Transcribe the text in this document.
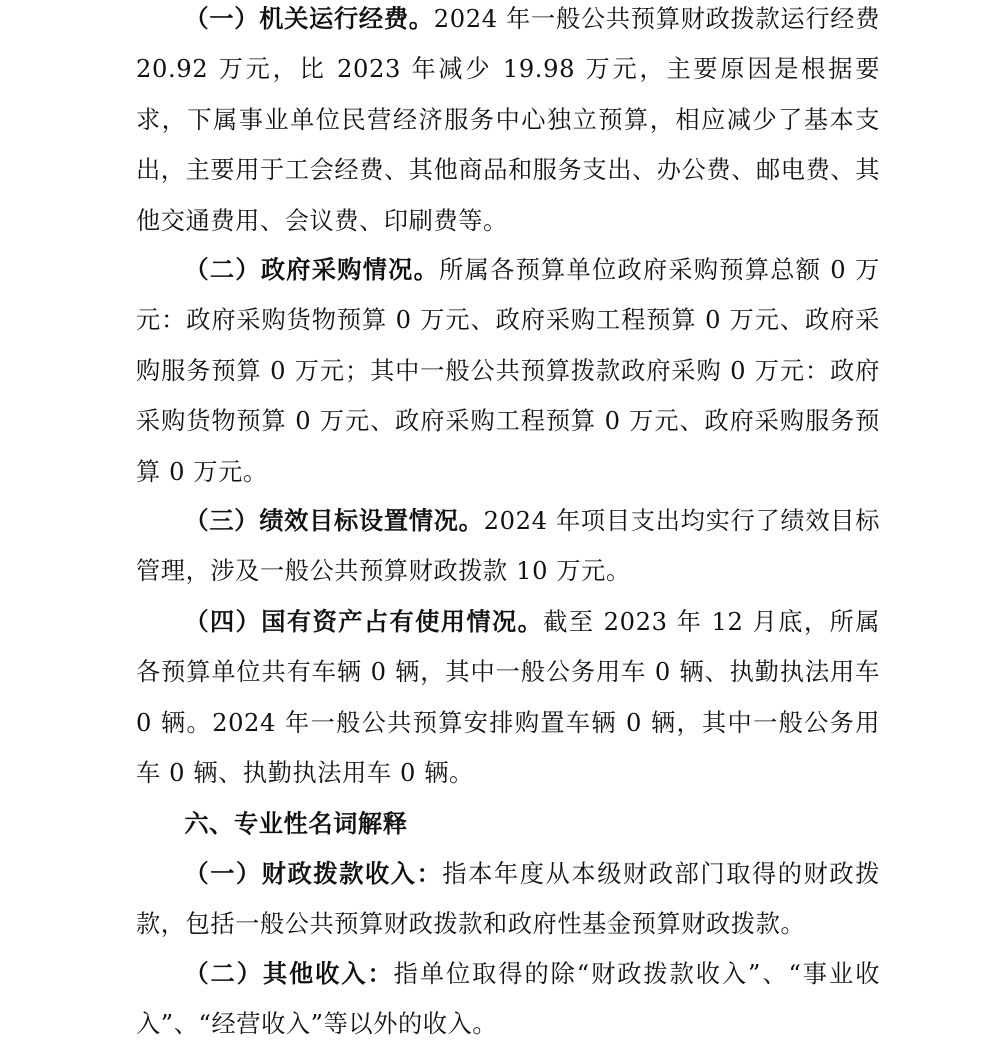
（一）机关运行经费。2024 年一般公共预算财政拨款运行经费 20.92 万元，比 2023 年减少 19.98 万元，主要原因是根据要求，下属事业单位民营经济服务中心独立预算，相应减少了基本支出，主要用于工会经费、其他商品和服务支出、办公费、邮电费、其他交通费用、会议费、印刷费等。

（二）政府采购情况。所属各预算单位政府采购预算总额 0 万元：政府采购货物预算 0 万元、政府采购工程预算 0 万元、政府采购服务预算 0 万元；其中一般公共预算拨款政府采购 0 万元：政府采购货物预算 0 万元、政府采购工程预算 0 万元、政府采购服务预算 0 万元。

（三）绩效目标设置情况。2024 年项目支出均实行了绩效目标管理，涉及一般公共预算财政拨款 10 万元。

（四）国有资产占有使用情况。截至 2023 年 12 月底，所属各预算单位共有车辆 0 辆，其中一般公务用车 0 辆、执勤执法用车 0 辆。2024 年一般公共预算安排购置车辆 0 辆，其中一般公务用车 0 辆、执勤执法用车 0 辆。

六、专业性名词解释

（一）财政拨款收入：指本年度从本级财政部门取得的财政拨款，包括一般公共预算财政拨款和政府性基金预算财政拨款。

（二）其他收入：指单位取得的除“财政拨款收入”、“事业收入”、“经营收入”等以外的收入。
